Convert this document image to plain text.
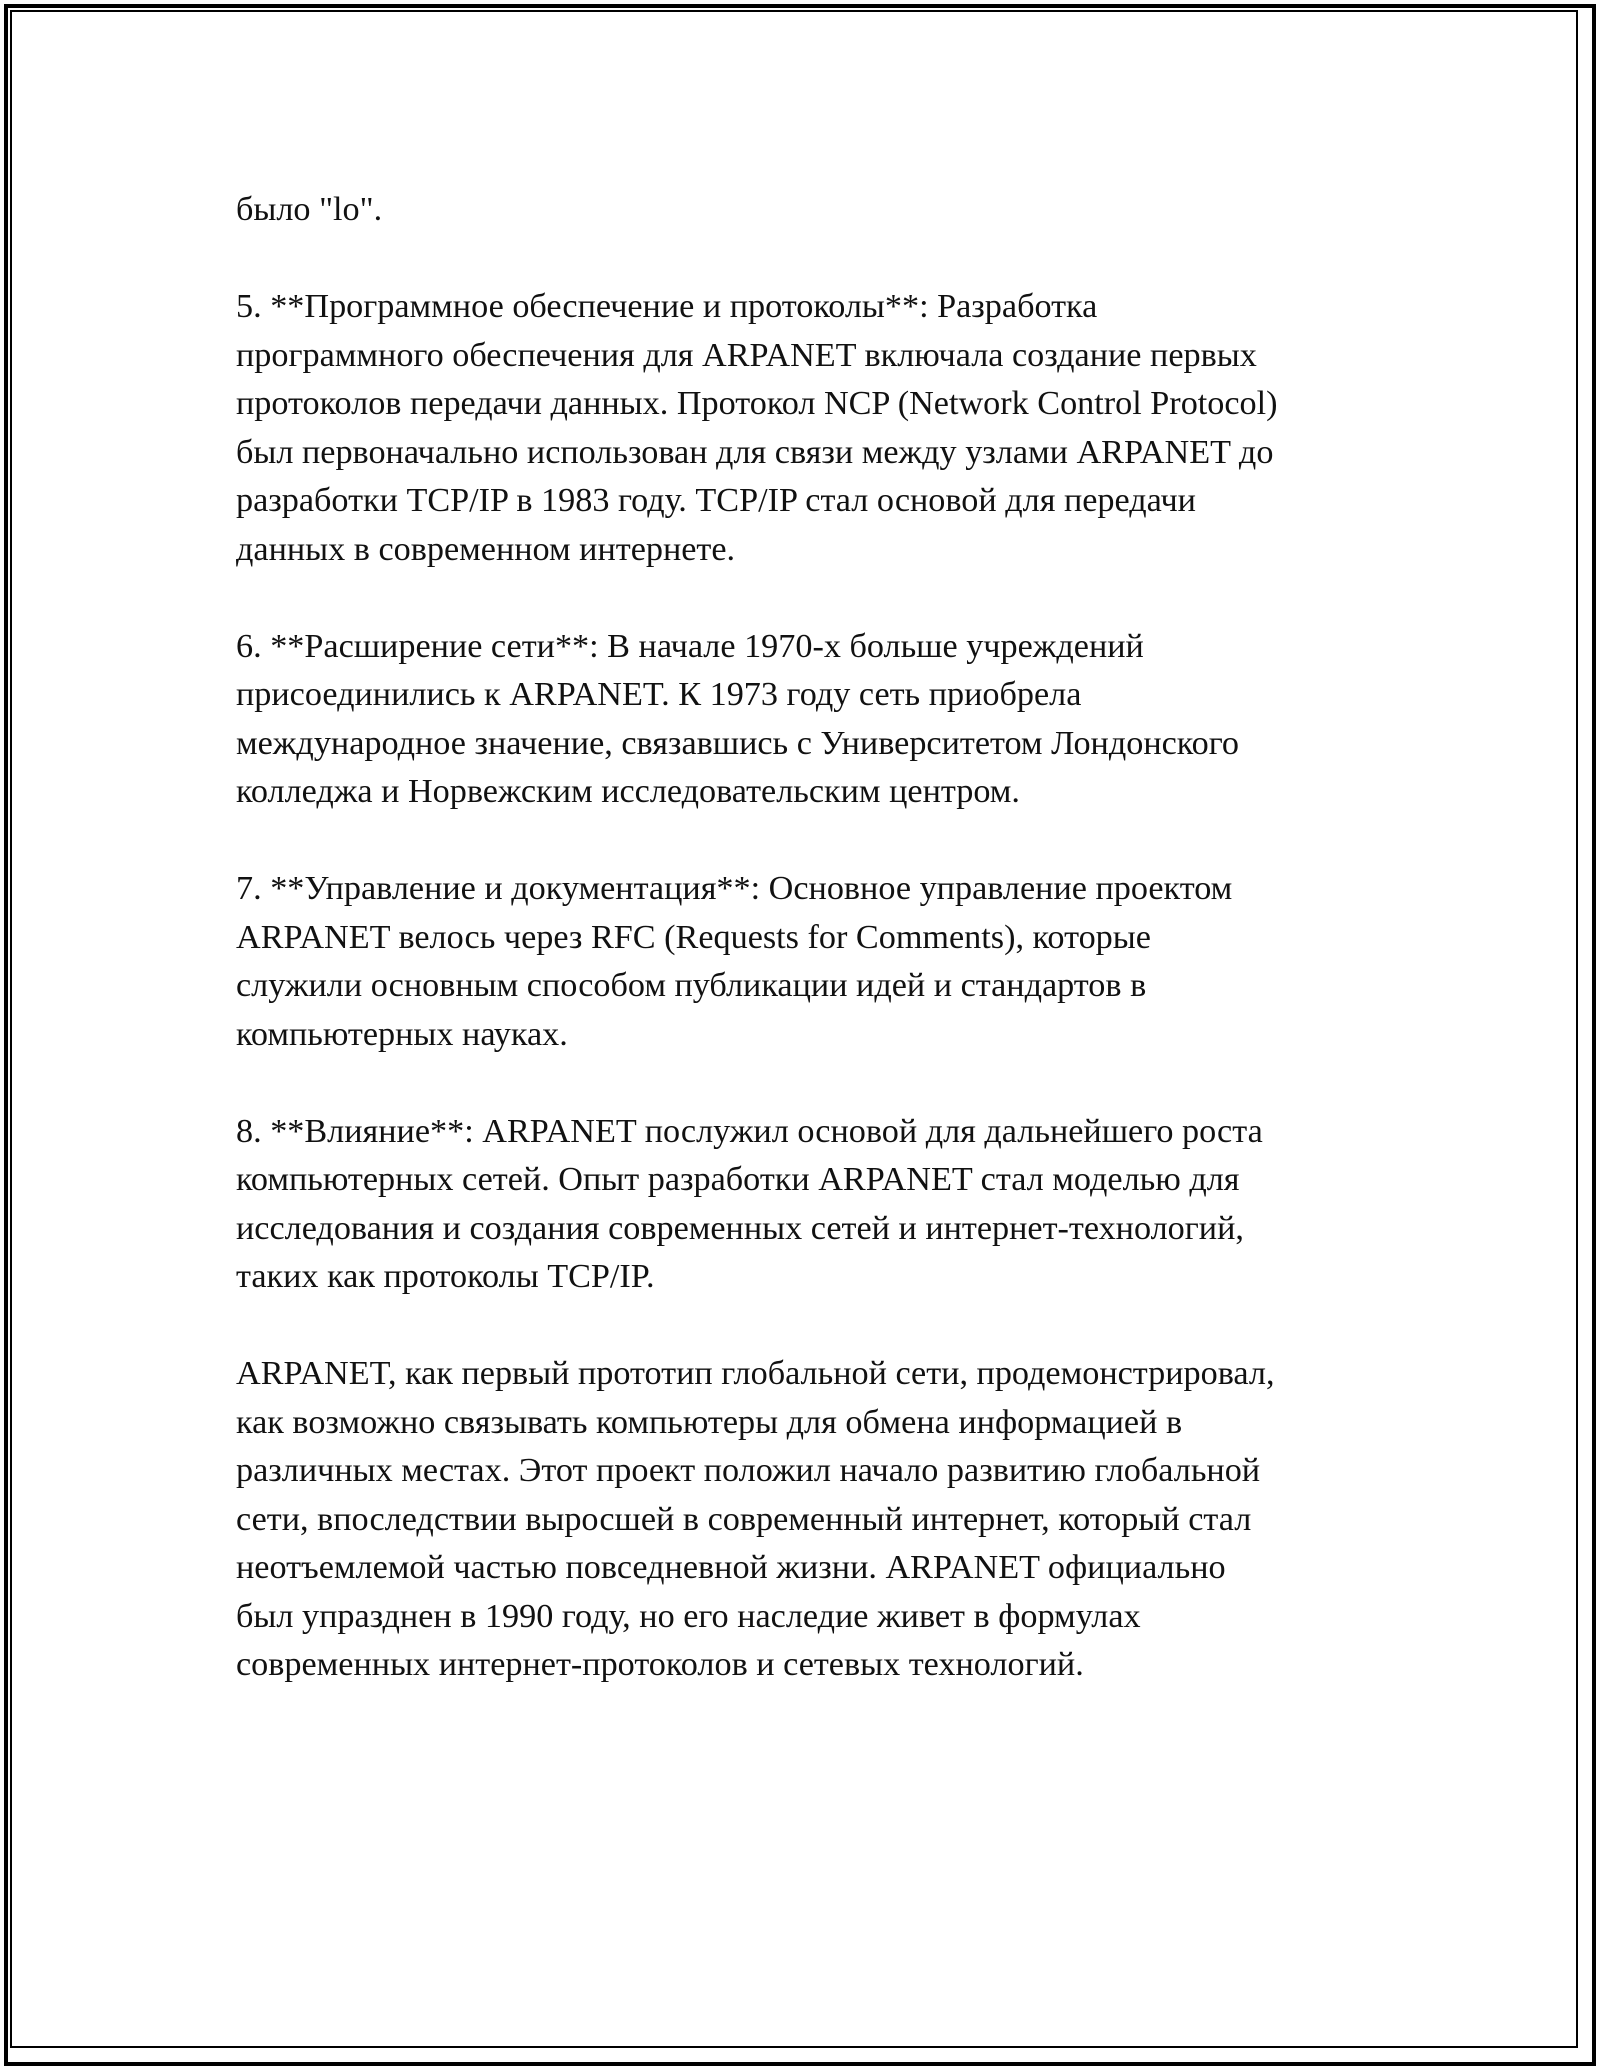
было "lo".
5. **Программное обеспечение и протоколы**: Разработка
программного обеспечения для ARPANET включала создание первых
протоколов передачи данных. Протокол NCP (Network Control Protocol)
был первоначально использован для связи между узлами ARPANET до
разработки TCP/IP в 1983 году. TCP/IP стал основой для передачи
данных в современном интернете.
6. **Расширение сети**: В начале 1970-х больше учреждений
присоединились к ARPANET. К 1973 году сеть приобрела
международное значение, связавшись с Университетом Лондонского
колледжа и Норвежским исследовательским центром.
7. **Управление и документация**: Основное управление проектом
ARPANET велось через RFC (Requests for Comments), которые
служили основным способом публикации идей и стандартов в
компьютерных науках.
8. **Влияние**: ARPANET послужил основой для дальнейшего роста
компьютерных сетей. Опыт разработки ARPANET стал моделью для
исследования и создания современных сетей и интернет-технологий,
таких как протоколы TCP/IP.
ARPANET, как первый прототип глобальной сети, продемонстрировал,
как возможно связывать компьютеры для обмена информацией в
различных местах. Этот проект положил начало развитию глобальной
сети, впоследствии выросшей в современный интернет, который стал
неотъемлемой частью повседневной жизни. ARPANET официально
был упразднен в 1990 году, но его наследие живет в формулах
современных интернет-протоколов и сетевых технологий.
